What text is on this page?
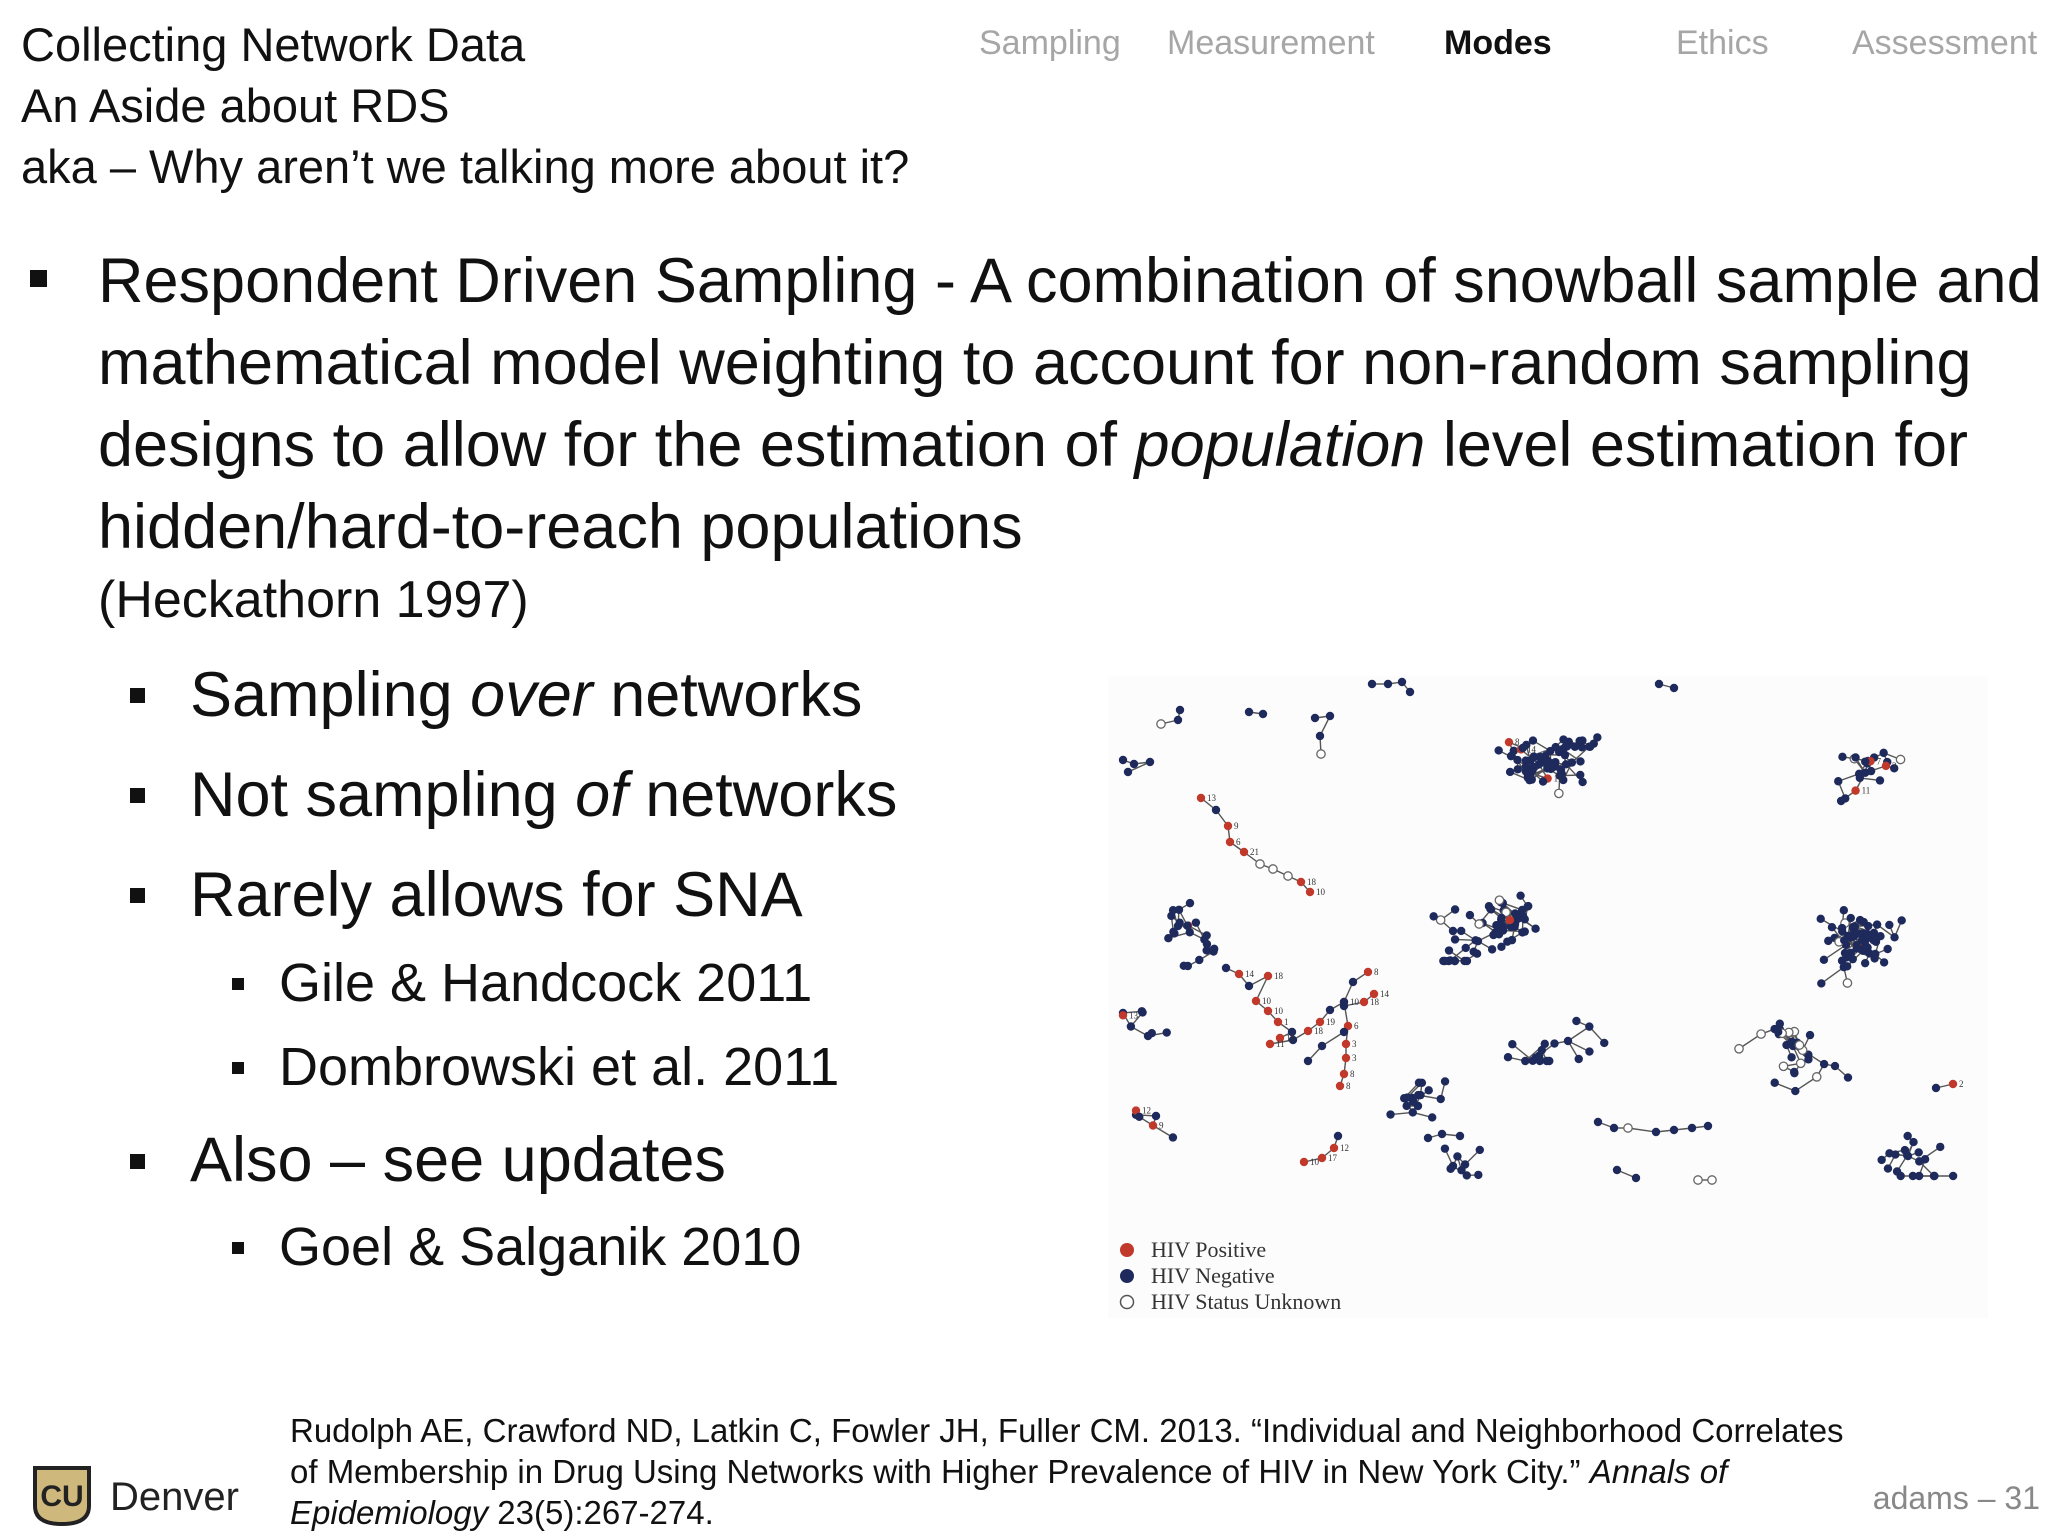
Collecting Network Data
An Aside about RDS
aka – Why aren’t we talking more about it?
Sampling Measurement Modes	Ethics Assessment
Respondent Driven Sampling - A combination of snowball sample and mathematical model weighting to account for non-random sampling designs to allow for the estimation of population level estimation for hidden/hard-to-reach populations
(Heckathorn 1997)
Sampling over networks
Not sampling of networks
Rarely allows for SNA
Gile & Handcock 2011
Dombrowski et al. 2011
Also – see updates
Goel & Salganik 2010
11
14
8
13
9
6
21
18
10
11
3
7
2
13
12
9
14 18
10
10
1
11
11
18
19
10
8
6
3
3
8
8
18
14
12
17
10
HIV Positive
HIV Negative
HIV Status Unknown
Rudolph AE, Crawford ND, Latkin C, Fowler JH, Fuller CM. 2013. “Individual and Neighborhood Correlates of Membership in Drug Using Networks with Higher Prevalence of HIV in New York City.” Annals of Epidemiology 23(5):267-274.
CU Denver	adams – 31
